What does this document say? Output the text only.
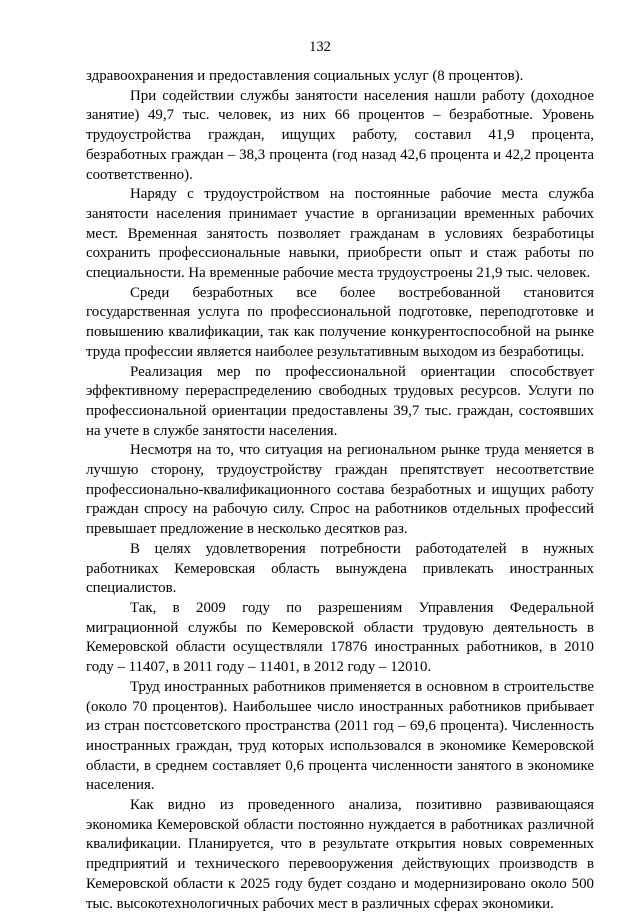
132

здравоохранения и предоставления социальных услуг (8 процентов).

При содействии службы занятости населения нашли работу (доходное занятие) 49,7 тыс. человек, из них 66 процентов – безработные. Уровень трудоустройства граждан, ищущих работу, составил 41,9 процента, безработных граждан – 38,3 процента (год назад 42,6 процента и 42,2 процента соответственно).

Наряду с трудоустройством на постоянные рабочие места служба занятости населения принимает участие в организации временных рабочих мест. Временная занятость позволяет гражданам в условиях безработицы сохранить профессиональные навыки, приобрести опыт и стаж работы по специальности. На временные рабочие места трудоустроены 21,9 тыс. человек.

Среди безработных все более востребованной становится государственная услуга по профессиональной подготовке, переподготовке и повышению квалификации, так как получение конкурентоспособной на рынке труда профессии является наиболее результативным выходом из безработицы.

Реализация мер по профессиональной ориентации способствует эффективному перераспределению свободных трудовых ресурсов. Услуги по профессиональной ориентации предоставлены 39,7 тыс. граждан, состоявших на учете в службе занятости населения.

Несмотря на то, что ситуация на региональном рынке труда меняется в лучшую сторону, трудоустройству граждан препятствует несоответствие профессионально-квалификационного состава безработных и ищущих работу граждан спросу на рабочую силу. Спрос на работников отдельных профессий превышает предложение в несколько десятков раз.

В целях удовлетворения потребности работодателей в нужных работниках Кемеровская область вынуждена привлекать иностранных специалистов.

Так, в 2009 году по разрешениям Управления Федеральной миграционной службы по Кемеровской области трудовую деятельность в Кемеровской области осуществляли 17876 иностранных работников, в 2010 году – 11407, в 2011 году – 11401, в 2012 году – 12010.

Труд иностранных работников применяется в основном в строительстве (около 70 процентов). Наибольшее число иностранных работников прибывает из стран постсоветского пространства (2011 год – 69,6 процента). Численность иностранных граждан, труд которых использовался в экономике Кемеровской области, в среднем составляет 0,6 процента численности занятого в экономике населения.

Как видно из проведенного анализа, позитивно развивающаяся экономика Кемеровской области постоянно нуждается в работниках различной квалификации. Планируется, что в результате открытия новых современных предприятий и технического перевооружения действующих производств в Кемеровской области к 2025 году будет создано и модернизировано около 500 тыс. высокотехнологичных рабочих мест в различных сферах экономики.
